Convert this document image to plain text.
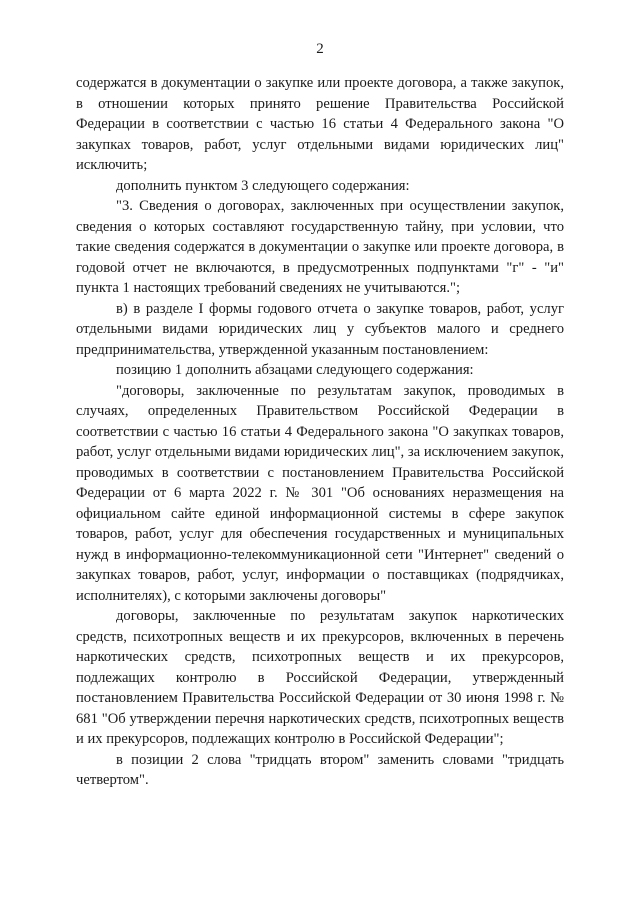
2

содержатся в документации о закупке или проекте договора, а также закупок, в отношении которых принято решение Правительства Российской Федерации в соответствии с частью 16 статьи 4 Федерального закона "О закупках товаров, работ, услуг отдельными видами юридических лиц" исключить;

дополнить пунктом 3 следующего содержания:

"3. Сведения о договорах, заключенных при осуществлении закупок, сведения о которых составляют государственную тайну, при условии, что такие сведения содержатся в документации о закупке или проекте договора, в годовой отчет не включаются, в предусмотренных подпунктами "г" - "и" пункта 1 настоящих требований сведениях не учитываются.";

в) в разделе I формы годового отчета о закупке товаров, работ, услуг отдельными видами юридических лиц у субъектов малого и среднего предпринимательства, утвержденной указанным постановлением:

позицию 1 дополнить абзацами следующего содержания:

"договоры, заключенные по результатам закупок, проводимых в случаях, определенных Правительством Российской Федерации в соответствии с частью 16 статьи 4 Федерального закона "О закупках товаров, работ, услуг отдельными видами юридических лиц", за исключением закупок, проводимых в соответствии с постановлением Правительства Российской Федерации от 6 марта 2022 г. № 301 "Об основаниях неразмещения на официальном сайте единой информационной системы в сфере закупок товаров, работ, услуг для обеспечения государственных и муниципальных нужд в информационно-телекоммуникационной сети "Интернет" сведений о закупках товаров, работ, услуг, информации о поставщиках (подрядчиках, исполнителях), с которыми заключены договоры"

договоры, заключенные по результатам закупок наркотических средств, психотропных веществ и их прекурсоров, включенных в перечень наркотических средств, психотропных веществ и их прекурсоров, подлежащих контролю в Российской Федерации, утвержденный постановлением Правительства Российской Федерации от 30 июня 1998 г. № 681 "Об утверждении перечня наркотических средств, психотропных веществ и их прекурсоров, подлежащих контролю в Российской Федерации";

в позиции 2 слова "тридцать втором" заменить словами "тридцать четвертом".
